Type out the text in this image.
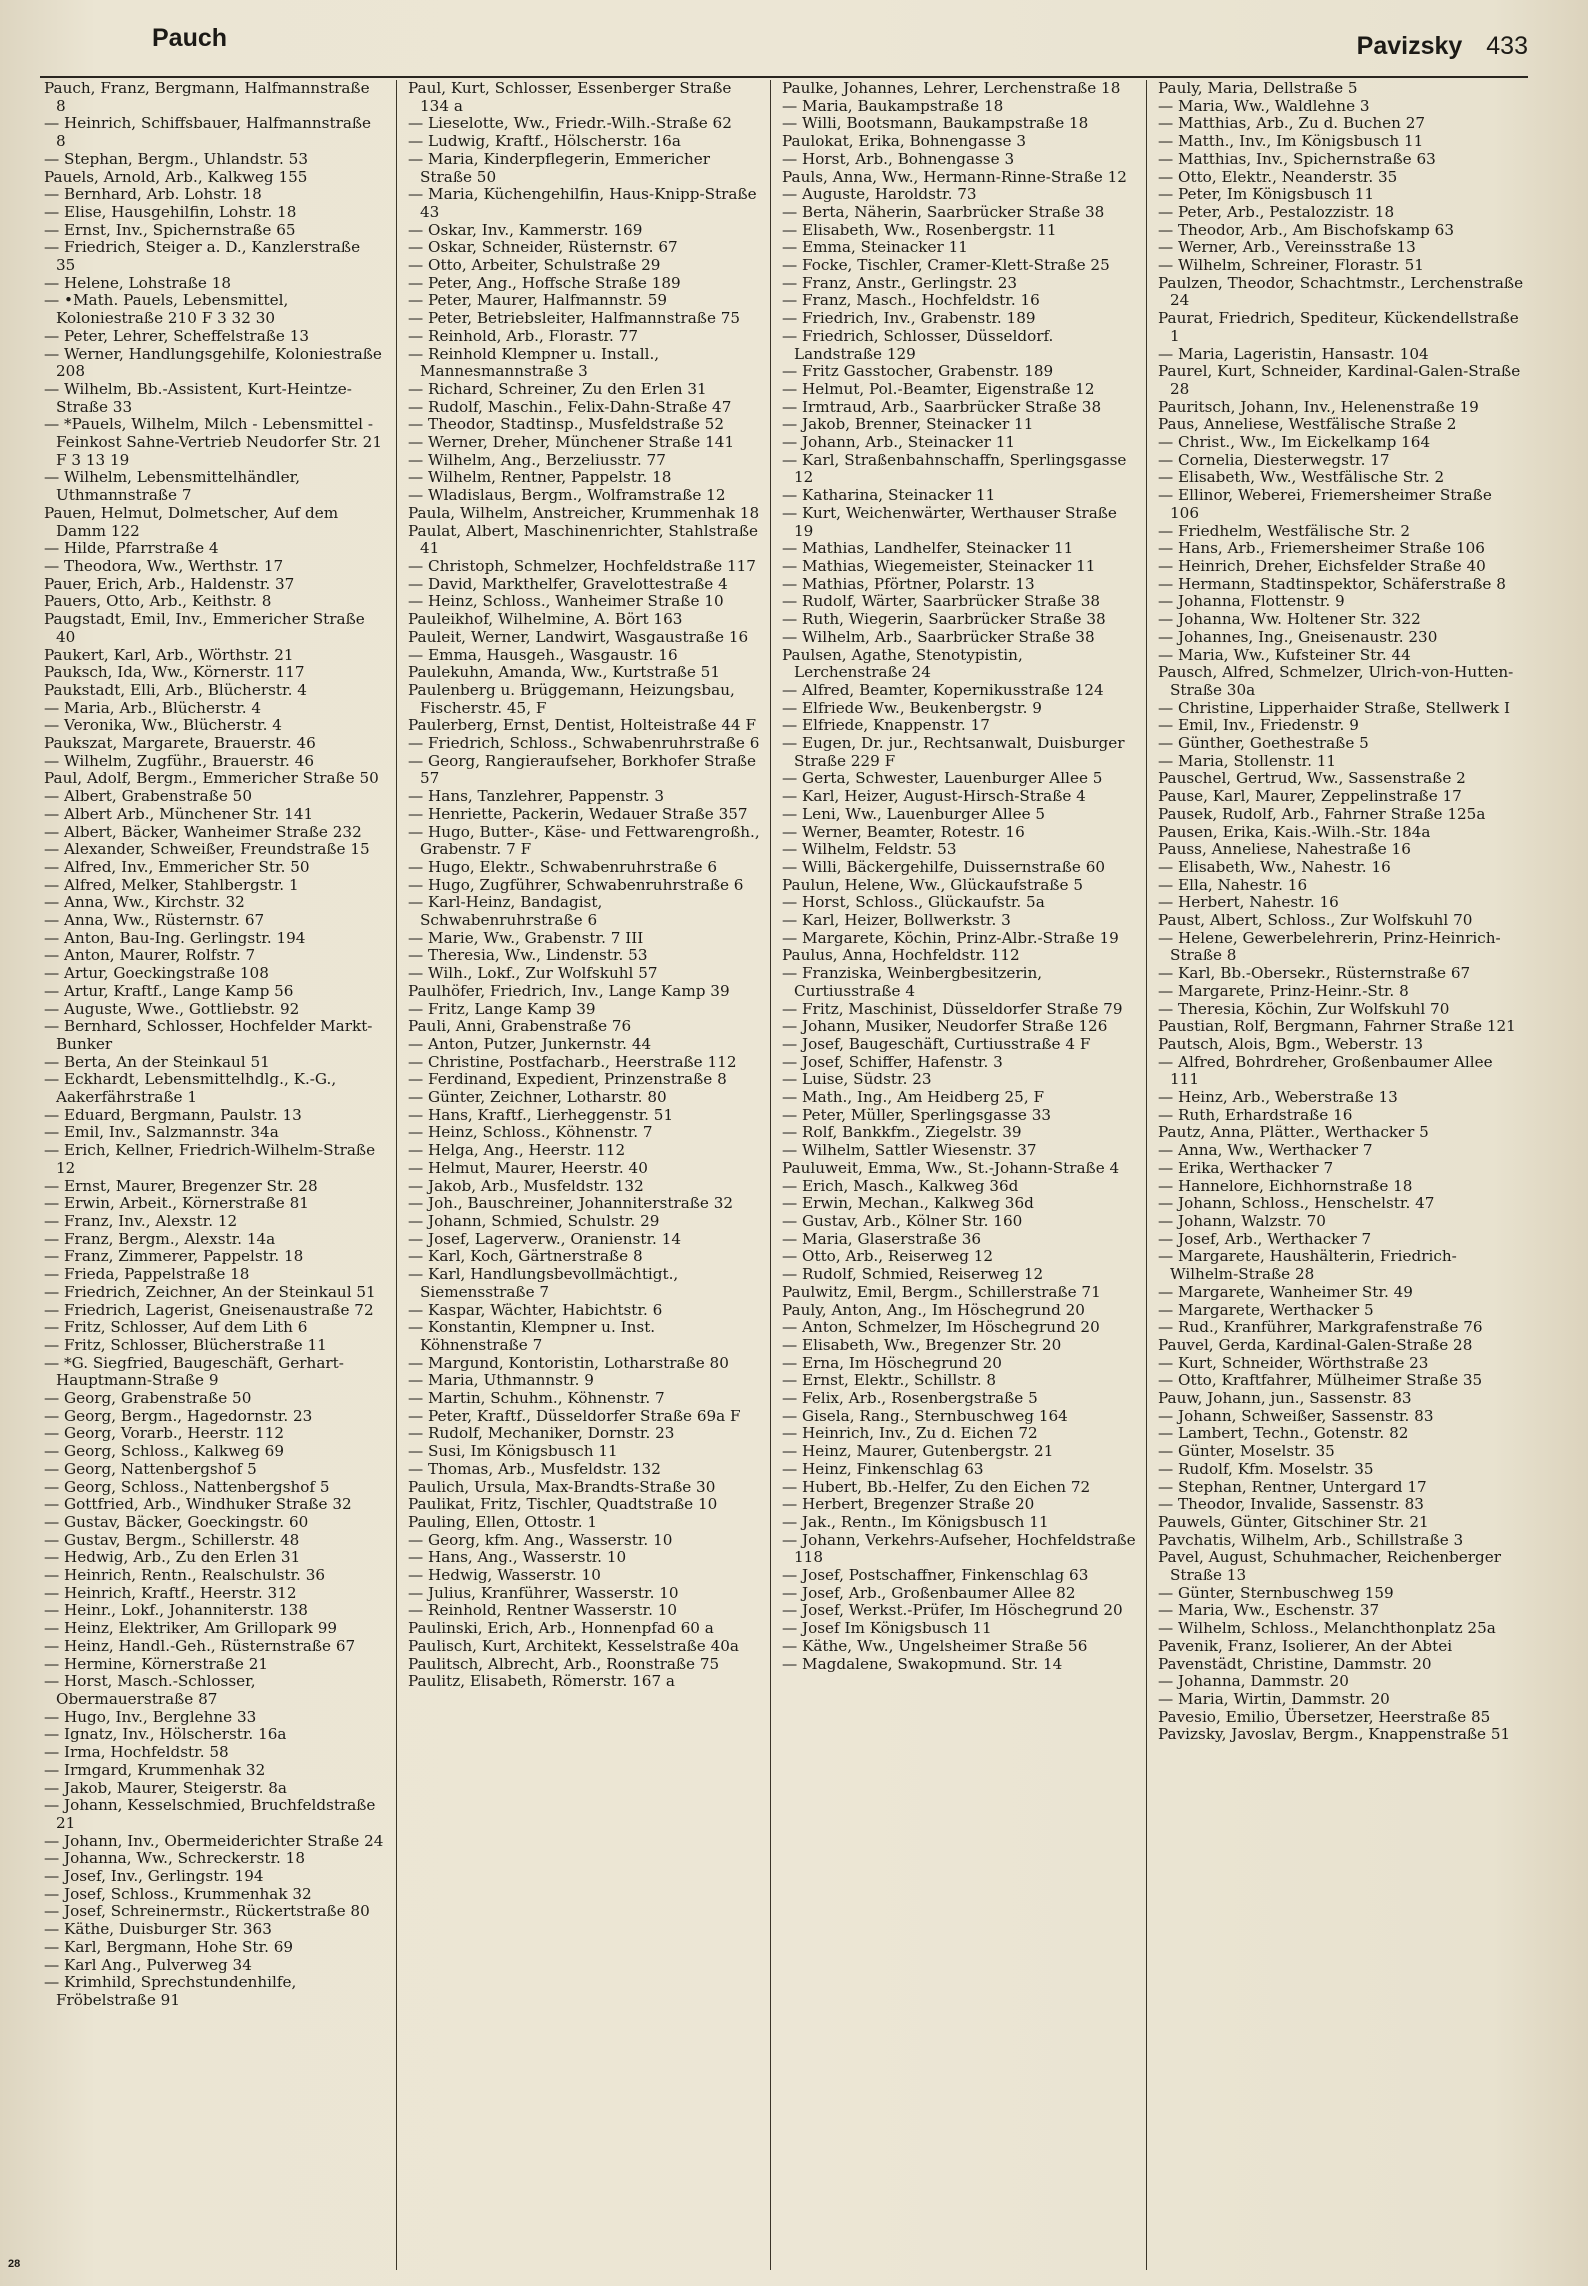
Pauch	Pavizsky 433
Pauch, Franz, Bergmann, Halfmannstraße 8
— Heinrich, Schiffsbauer, Halfmannstraße 8
— Stephan, Bergm., Uhlandstr. 53
Pauels, Arnold, Arb., Kalkweg 155
— Bernhard, Arb. Lohstr. 18
— Elise, Hausgehilfin, Lohstr. 18
— Ernst, Inv., Spichernstraße 65
— Friedrich, Steiger a. D., Kanzlerstraße 35
— Helene, Lohstraße 18
— •Math. Pauels, Lebensmittel, Koloniestraße 210 F 3 32 30
— Peter, Lehrer, Scheffelstraße 13
— Werner, Handlungsgehilfe, Koloniestraße 208
— Wilhelm, Bb.-Assistent, Kurt-Heintze-Straße 33
— *Pauels, Wilhelm, Milch - Lebensmittel - Feinkost Sahne-Vertrieb Neudorfer Str. 21 F 3 13 19
— Wilhelm, Lebensmittelhändler, Uthmannstraße 7
Pauen, Helmut, Dolmetscher, Auf dem Damm 122
— Hilde, Pfarrstraße 4
— Theodora, Ww., Werthstr. 17
Pauer, Erich, Arb., Haldenstr. 37
Pauers, Otto, Arb., Keithstr. 8
Paugstadt, Emil, Inv., Emmericher Straße 40
Paukert, Karl, Arb., Wörthstr. 21
Pauksch, Ida, Ww., Körnerstr. 117
Paukstadt, Elli, Arb., Blücherstr. 4
— Maria, Arb., Blücherstr. 4
— Veronika, Ww., Blücherstr. 4
Paukszat, Margarete, Brauerstr. 46
— Wilhelm, Zugführ., Brauerstr. 46
Paul, Adolf, Bergm., Emmericher Straße 50
— Albert, Grabenstraße 50
— Albert Arb., Münchener Str. 141
— Albert, Bäcker, Wanheimer Straße 232
— Alexander, Schweißer, Freundstraße 15
— Alfred, Inv., Emmericher Str. 50
— Alfred, Melker, Stahlbergstr. 1
— Anna, Ww., Kirchstr. 32
— Anna, Ww., Rüsternstr. 67
— Anton, Bau-Ing. Gerlingstr. 194
— Anton, Maurer, Rolfstr. 7
— Artur, Goeckingstraße 108
— Artur, Kraftf., Lange Kamp 56
— Auguste, Wwe., Gottliebstr. 92
— Bernhard, Schlosser, Hochfelder Markt-Bunker
— Berta, An der Steinkaul 51
— Eckhardt, Lebensmittelhdlg., K.-G., Aakerfährstraße 1
— Eduard, Bergmann, Paulstr. 13
— Emil, Inv., Salzmannstr. 34a
— Erich, Kellner, Friedrich-Wilhelm-Straße 12
— Ernst, Maurer, Bregenzer Str. 28
— Erwin, Arbeit., Körnerstraße 81
— Franz, Inv., Alexstr. 12
— Franz, Bergm., Alexstr. 14a
— Franz, Zimmerer, Pappelstr. 18
— Frieda, Pappelstraße 18
— Friedrich, Zeichner, An der Steinkaul 51
— Friedrich, Lagerist, Gneisenaustraße 72
— Fritz, Schlosser, Auf dem Lith 6
— Fritz, Schlosser, Blücherstraße 11
— *G. Siegfried, Baugeschäft, Gerhart-Hauptmann-Straße 9
— Georg, Grabenstraße 50
— Georg, Bergm., Hagedornstr. 23
— Georg, Vorarb., Heerstr. 112
— Georg, Schloss., Kalkweg 69
— Georg, Nattenbergshof 5
— Georg, Schloss., Nattenbergshof 5
— Gottfried, Arb., Windhuker Straße 32
— Gustav, Bäcker, Goeckingstr. 60
— Gustav, Bergm., Schillerstr. 48
— Hedwig, Arb., Zu den Erlen 31
— Heinrich, Rentn., Realschulstr. 36
— Heinrich, Kraftf., Heerstr. 312
— Heinr., Lokf., Johanniterstr. 138
— Heinz, Elektriker, Am Grillopark 99
— Heinz, Handl.-Geh., Rüsternstraße 67
— Hermine, Körnerstraße 21
— Horst, Masch.-Schlosser, Obermauerstraße 87
— Hugo, Inv., Berglehne 33
— Ignatz, Inv., Hölscherstr. 16a
— Irma, Hochfeldstr. 58
— Irmgard, Krummenhak 32
— Jakob, Maurer, Steigerstr. 8a
— Johann, Kesselschmied, Bruchfeldstraße 21
— Johann, Inv., Obermeiderichter Straße 24
— Johanna, Ww., Schreckerstr. 18
— Josef, Inv., Gerlingstr. 194
— Josef, Schloss., Krummenhak 32
— Josef, Schreinermstr., Rückertstraße 80
— Käthe, Duisburger Str. 363
— Karl, Bergmann, Hohe Str. 69
— Karl Ang., Pulverweg 34
— Krimhild, Sprechstundenhilfe, Fröbelstraße 91
Paul, Kurt, Schlosser, Essenberger Straße 134 a
— Lieselotte, Ww., Friedr.-Wilh.-Straße 62
— Ludwig, Kraftf., Hölscherstr. 16a
— Maria, Kinderpflegerin, Emmericher Straße 50
— Maria, Küchengehilfin, Haus-Knipp-Straße 43
— Oskar, Inv., Kammerstr. 169
— Oskar, Schneider, Rüsternstr. 67
— Otto, Arbeiter, Schulstraße 29
— Peter, Ang., Hoffsche Straße 189
— Peter, Maurer, Halfmannstr. 59
— Peter, Betriebsleiter, Halfmannstraße 75
— Reinhold, Arb., Florastr. 77
— Reinhold Klempner u. Install., Mannesmannstraße 3
— Richard, Schreiner, Zu den Erlen 31
— Rudolf, Maschin., Felix-Dahn-Straße 47
— Theodor, Stadtinsp., Musfeldstraße 52
— Werner, Dreher, Münchener Straße 141
— Wilhelm, Ang., Berzeliusstr. 77
— Wilhelm, Rentner, Pappelstr. 18
— Wladislaus, Bergm., Wolframstraße 12
Paula, Wilhelm, Anstreicher, Krummenhak 18
Paulat, Albert, Maschinenrichter, Stahlstraße 41
— Christoph, Schmelzer, Hochfeldstraße 117
— David, Markthelfer, Gravelottestraße 4
— Heinz, Schloss., Wanheimer Straße 10
Pauleikhof, Wilhelmine, A. Bört 163
Pauleit, Werner, Landwirt, Wasgaustraße 16
— Emma, Hausgeh., Wasgaustr. 16
Paulekuhn, Amanda, Ww., Kurtstraße 51
Paulenberg u. Brüggemann, Heizungsbau, Fischerstr. 45, F
Paulerberg, Ernst, Dentist, Holteistraße 44 F
— Friedrich, Schloss., Schwabenruhrstraße 6
— Georg, Rangieraufseher, Borkhofer Straße 57
— Hans, Tanzlehrer, Pappenstr. 3
— Henriette, Packerin, Wedauer Straße 357
— Hugo, Butter-, Käse- und Fettwarengroßh., Grabenstr. 7 F
— Hugo, Elektr., Schwabenruhrstraße 6
— Hugo, Zugführer, Schwabenruhrstraße 6
— Karl-Heinz, Bandagist, Schwabenruhrstraße 6
— Marie, Ww., Grabenstr. 7 III
— Theresia, Ww., Lindenstr. 53
— Wilh., Lokf., Zur Wolfskuhl 57
Paulhöfer, Friedrich, Inv., Lange Kamp 39
— Fritz, Lange Kamp 39
Pauli, Anni, Grabenstraße 76
— Anton, Putzer, Junkernstr. 44
— Christine, Postfacharb., Heerstraße 112
— Ferdinand, Expedient, Prinzenstraße 8
— Günter, Zeichner, Lotharstr. 80
— Hans, Kraftf., Lierheggenstr. 51
— Heinz, Schloss., Köhnenstr. 7
— Helga, Ang., Heerstr. 112
— Helmut, Maurer, Heerstr. 40
— Jakob, Arb., Musfeldstr. 132
— Joh., Bauschreiner, Johanniterstraße 32
— Johann, Schmied, Schulstr. 29
— Josef, Lagerverw., Oranienstr. 14
— Karl, Koch, Gärtnerstraße 8
— Karl, Handlungsbevollmächtigt., Siemensstraße 7
— Kaspar, Wächter, Habichtstr. 6
— Konstantin, Klempner u. Inst. Köhnenstraße 7
— Margund, Kontoristin, Lotharstraße 80
— Maria, Uthmannstr. 9
— Martin, Schuhm., Köhnenstr. 7
— Peter, Kraftf., Düsseldorfer Straße 69a F
— Rudolf, Mechaniker, Dornstr. 23
— Susi, Im Königsbusch 11
— Thomas, Arb., Musfeldstr. 132
Paulich, Ursula, Max-Brandts-Straße 30
Paulikat, Fritz, Tischler, Quadtstraße 10
Pauling, Ellen, Ottostr. 1
— Georg, kfm. Ang., Wasserstr. 10
— Hans, Ang., Wasserstr. 10
— Hedwig, Wasserstr. 10
— Julius, Kranführer, Wasserstr. 10
— Reinhold, Rentner Wasserstr. 10
Paulinski, Erich, Arb., Honnenpfad 60 a
Paulisch, Kurt, Architekt, Kesselstraße 40a
Paulitsch, Albrecht, Arb., Roonstraße 75
Paulitz, Elisabeth, Römerstr. 167 a
Paulke, Johannes, Lehrer, Lerchenstraße 18
— Maria, Baukampstraße 18
— Willi, Bootsmann, Baukampstraße 18
Paulokat, Erika, Bohnengasse 3
— Horst, Arb., Bohnengasse 3
Pauls, Anna, Ww., Hermann-Rinne-Straße 12
— Auguste, Haroldstr. 73
— Berta, Näherin, Saarbrücker Straße 38
— Elisabeth, Ww., Rosenbergstr. 11
— Emma, Steinacker 11
— Focke, Tischler, Cramer-Klett-Straße 25
— Franz, Anstr., Gerlingstr. 23
— Franz, Masch., Hochfeldstr. 16
— Friedrich, Inv., Grabenstr. 189
— Friedrich, Schlosser, Düsseldorf. Landstraße 129
— Fritz Gasstocher, Grabenstr. 189
— Helmut, Pol.-Beamter, Eigenstraße 12
— Irmtraud, Arb., Saarbrücker Straße 38
— Jakob, Brenner, Steinacker 11
— Johann, Arb., Steinacker 11
— Karl, Straßenbahnschaffn, Sperlingsgasse 12
— Katharina, Steinacker 11
— Kurt, Weichenwärter, Werthauser Straße 19
— Mathias, Landhelfer, Steinacker 11
— Mathias, Wiegemeister, Steinacker 11
— Mathias, Pförtner, Polarstr. 13
— Rudolf, Wärter, Saarbrücker Straße 38
— Ruth, Wiegerin, Saarbrücker Straße 38
— Wilhelm, Arb., Saarbrücker Straße 38
Paulsen, Agathe, Stenotypistin, Lerchenstraße 24
— Alfred, Beamter, Kopernikusstraße 124
— Elfriede Ww., Beukenbergstr. 9
— Elfriede, Knappenstr. 17
— Eugen, Dr. jur., Rechtsanwalt, Duisburger Straße 229 F
— Gerta, Schwester, Lauenburger Allee 5
— Karl, Heizer, August-Hirsch-Straße 4
— Leni, Ww., Lauenburger Allee 5
— Werner, Beamter, Rotestr. 16
— Wilhelm, Feldstr. 53
— Willi, Bäckergehilfe, Duissernstraße 60
Paulun, Helene, Ww., Glückaufstraße 5
— Horst, Schloss., Glückaufstr. 5a
— Karl, Heizer, Bollwerkstr. 3
— Margarete, Köchin, Prinz-Albr.-Straße 19
Paulus, Anna, Hochfeldstr. 112
— Franziska, Weinbergbesitzerin, Curtiusstraße 4
— Fritz, Maschinist, Düsseldorfer Straße 79
— Johann, Musiker, Neudorfer Straße 126
— Josef, Baugeschäft, Curtiusstraße 4 F
— Josef, Schiffer, Hafenstr. 3
— Luise, Südstr. 23
— Math., Ing., Am Heidberg 25, F
— Peter, Müller, Sperlingsgasse 33
— Rolf, Bankkfm., Ziegelstr. 39
— Wilhelm, Sattler Wiesenstr. 37
Pauluweit, Emma, Ww., St.-Johann-Straße 4
— Erich, Masch., Kalkweg 36d
— Erwin, Mechan., Kalkweg 36d
— Gustav, Arb., Kölner Str. 160
— Maria, Glaserstraße 36
— Otto, Arb., Reiserweg 12
— Rudolf, Schmied, Reiserweg 12
Paulwitz, Emil, Bergm., Schillerstraße 71
Pauly, Anton, Ang., Im Höschegrund 20
— Anton, Schmelzer, Im Höschegrund 20
— Elisabeth, Ww., Bregenzer Str. 20
— Erna, Im Höschegrund 20
— Ernst, Elektr., Schillstr. 8
— Felix, Arb., Rosenbergstraße 5
— Gisela, Rang., Sternbuschweg 164
— Heinrich, Inv., Zu d. Eichen 72
— Heinz, Maurer, Gutenbergstr. 21
— Heinz, Finkenschlag 63
— Hubert, Bb.-Helfer, Zu den Eichen 72
— Herbert, Bregenzer Straße 20
— Jak., Rentn., Im Königsbusch 11
— Johann, Verkehrs-Aufseher, Hochfeldstraße 118
— Josef, Postschaffner, Finkenschlag 63
— Josef, Arb., Großenbaumer Allee 82
— Josef, Werkst.-Prüfer, Im Höschegrund 20
— Josef Im Königsbusch 11
— Käthe, Ww., Ungelsheimer Straße 56
— Magdalene, Swakopmund. Str. 14
Pauly, Maria, Dellstraße 5
— Maria, Ww., Waldlehne 3
— Matthias, Arb., Zu d. Buchen 27
— Matth., Inv., Im Königsbusch 11
— Matthias, Inv., Spichernstraße 63
— Otto, Elektr., Neanderstr. 35
— Peter, Im Königsbusch 11
— Peter, Arb., Pestalozzistr. 18
— Theodor, Arb., Am Bischofskamp 63
— Werner, Arb., Vereinsstraße 13
— Wilhelm, Schreiner, Florastr. 51
Paulzen, Theodor, Schachtmstr., Lerchenstraße 24
Paurat, Friedrich, Spediteur, Kückendellstraße 1
— Maria, Lageristin, Hansastr. 104
Paurel, Kurt, Schneider, Kardinal-Galen-Straße 28
Pauritsch, Johann, Inv., Helenenstraße 19
Paus, Anneliese, Westfälische Straße 2
— Christ., Ww., Im Eickelkamp 164
— Cornelia, Diesterwegstr. 17
— Elisabeth, Ww., Westfälische Str. 2
— Ellinor, Weberei, Friemersheimer Straße 106
— Friedhelm, Westfälische Str. 2
— Hans, Arb., Friemersheimer Straße 106
— Heinrich, Dreher, Eichsfelder Straße 40
— Hermann, Stadtinspektor, Schäferstraße 8
— Johanna, Flottenstr. 9
— Johanna, Ww. Holtener Str. 322
— Johannes, Ing., Gneisenaustr. 230
— Maria, Ww., Kufsteiner Str. 44
Pausch, Alfred, Schmelzer, Ulrich-von-Hutten-Straße 30a
— Christine, Lipperhaider Straße, Stellwerk I
— Emil, Inv., Friedenstr. 9
— Günther, Goethestraße 5
— Maria, Stollenstr. 11
Pauschel, Gertrud, Ww., Sassenstraße 2
Pause, Karl, Maurer, Zeppelinstraße 17
Pausek, Rudolf, Arb., Fahrner Straße 125a
Pausen, Erika, Kais.-Wilh.-Str. 184a
Pauss, Anneliese, Nahestraße 16
— Elisabeth, Ww., Nahestr. 16
— Ella, Nahestr. 16
— Herbert, Nahestr. 16
Paust, Albert, Schloss., Zur Wolfskuhl 70
— Helene, Gewerbelehrerin, Prinz-Heinrich-Straße 8
— Karl, Bb.-Obersekr., Rüsternstraße 67
— Margarete, Prinz-Heinr.-Str. 8
— Theresia, Köchin, Zur Wolfskuhl 70
Paustian, Rolf, Bergmann, Fahrner Straße 121
Pautsch, Alois, Bgm., Weberstr. 13
— Alfred, Bohrdreher, Großenbaumer Allee 111
— Heinz, Arb., Weberstraße 13
— Ruth, Erhardstraße 16
Pautz, Anna, Plätter., Werthacker 5
— Anna, Ww., Werthacker 7
— Erika, Werthacker 7
— Hannelore, Eichhornstraße 18
— Johann, Schloss., Henschelstr. 47
— Johann, Walzstr. 70
— Josef, Arb., Werthacker 7
— Margarete, Haushälterin, Friedrich-Wilhelm-Straße 28
— Margarete, Wanheimer Str. 49
— Margarete, Werthacker 5
— Rud., Kranführer, Markgrafenstraße 76
Pauvel, Gerda, Kardinal-Galen-Straße 28
— Kurt, Schneider, Wörthstraße 23
— Otto, Kraftfahrer, Mülheimer Straße 35
Pauw, Johann, jun., Sassenstr. 83
— Johann, Schweißer, Sassenstr. 83
— Lambert, Techn., Gotenstr. 82
— Günter, Moselstr. 35
— Rudolf, Kfm. Moselstr. 35
— Stephan, Rentner, Untergard 17
— Theodor, Invalide, Sassenstr. 83
Pauwels, Günter, Gitschiner Str. 21
Pavchatis, Wilhelm, Arb., Schillstraße 3
Pavel, August, Schuhmacher, Reichenberger Straße 13
— Günter, Sternbuschweg 159
— Maria, Ww., Eschenstr. 37
— Wilhelm, Schloss., Melanchthonplatz 25a
Pavenik, Franz, Isolierer, An der Abtei
Pavenstädt, Christine, Dammstr. 20
— Johanna, Dammstr. 20
— Maria, Wirtin, Dammstr. 20
Pavesio, Emilio, Übersetzer, Heerstraße 85
Pavizsky, Javoslav, Bergm., Knappenstraße 51
28
